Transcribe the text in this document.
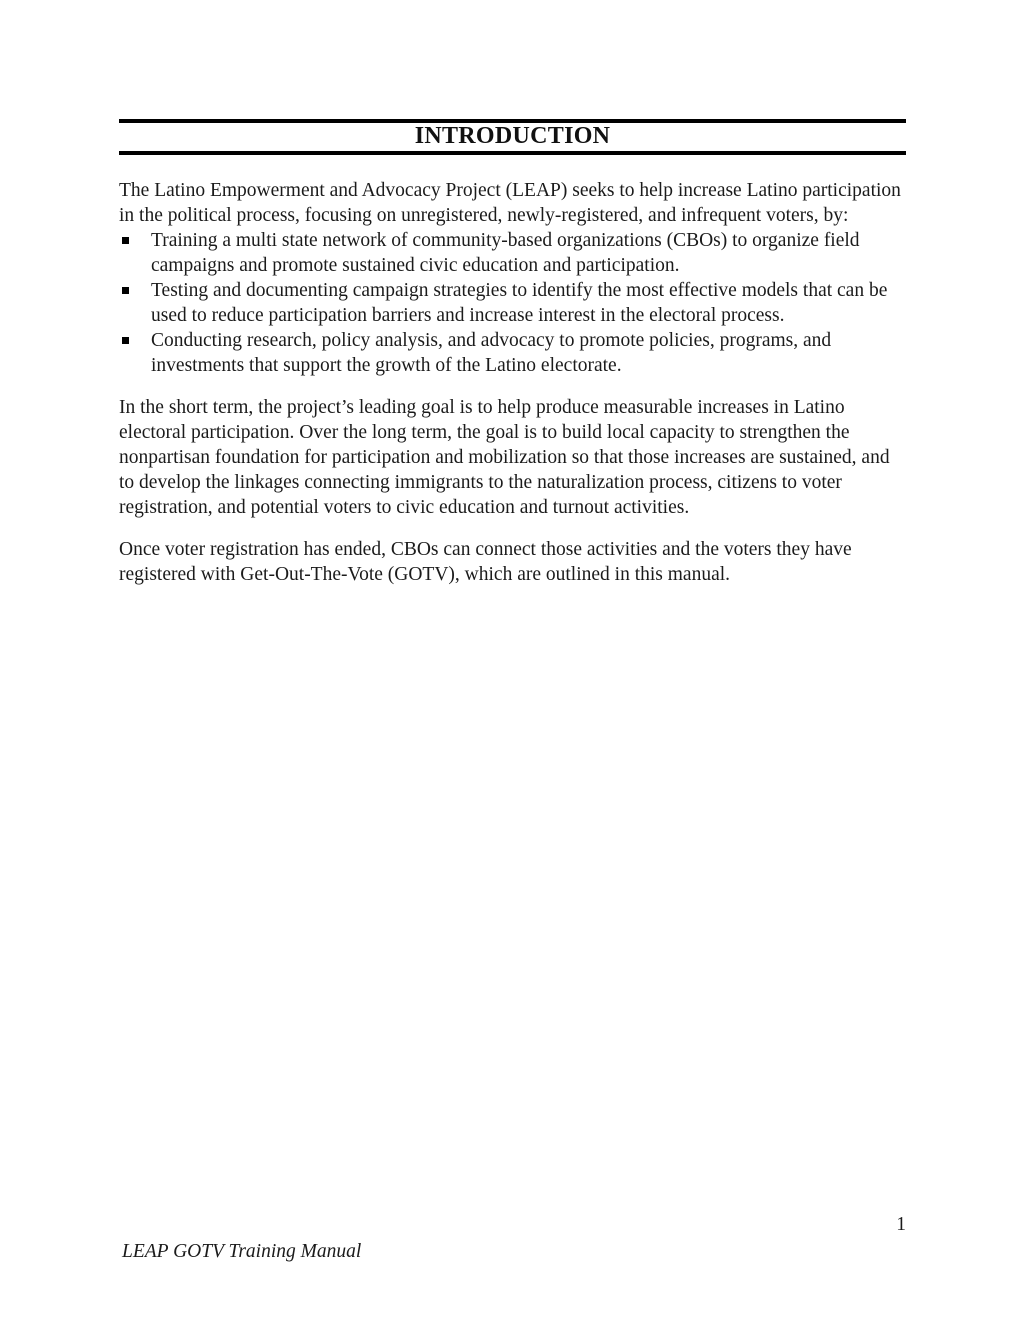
INTRODUCTION

The Latino Empowerment and Advocacy Project (LEAP) seeks to help increase Latino participation in the political process, focusing on unregistered, newly-registered, and infrequent voters, by:

Training a multi state network of community-based organizations (CBOs) to organize field campaigns and promote sustained civic education and participation.
Testing and documenting campaign strategies to identify the most effective models that can be used to reduce participation barriers and increase interest in the electoral process.
Conducting research, policy analysis, and advocacy to promote policies, programs, and investments that support the growth of the Latino electorate.

In the short term, the project’s leading goal is to help produce measurable increases in Latino electoral participation. Over the long term, the goal is to build local capacity to strengthen the nonpartisan foundation for participation and mobilization so that those increases are sustained, and to develop the linkages connecting immigrants to the naturalization process, citizens to voter registration, and potential voters to civic education and turnout activities.

Once voter registration has ended, CBOs can connect those activities and the voters they have registered with Get-Out-The-Vote (GOTV), which are outlined in this manual.

1
LEAP GOTV Training Manual
